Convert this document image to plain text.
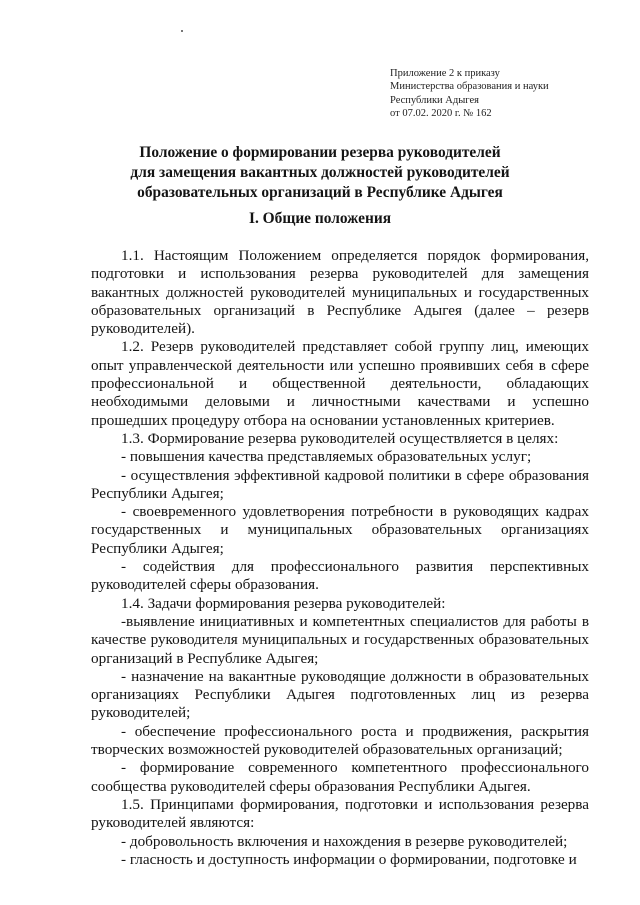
Приложение 2 к приказу
Министерства образования и науки
Республики Адыгея
от 07.02. 2020 г. № 162
Положение о формировании резерва руководителей
для замещения вакантных должностей руководителей
образовательных организаций в Республике Адыгея
I. Общие положения

1.1. Настоящим Положением определяется порядок формирования, подготовки и использования резерва руководителей для замещения вакантных должностей руководителей муниципальных и государственных образовательных организаций в Республике Адыгея (далее – резерв руководителей).

1.2. Резерв руководителей представляет собой группу лиц, имеющих опыт управленческой деятельности или успешно проявивших себя в сфере профессиональной и общественной деятельности, обладающих необходимыми деловыми и личностными качествами и успешно прошедших процедуру отбора на основании установленных критериев.

1.3. Формирование резерва руководителей осуществляется в целях:

- повышения качества представляемых образовательных услуг;

- осуществления эффективной кадровой политики в сфере образования Республики Адыгея;

- своевременного удовлетворения потребности в руководящих кадрах государственных и муниципальных образовательных организациях Республики Адыгея;

- содействия для профессионального развития перспективных руководителей сферы образования.

1.4. Задачи формирования резерва руководителей:

-выявление инициативных и компетентных специалистов для работы в качестве руководителя муниципальных и государственных образовательных организаций в Республике Адыгея;

- назначение на вакантные руководящие должности в образовательных организациях Республики Адыгея подготовленных лиц из резерва руководителей;

- обеспечение профессионального роста и продвижения, раскрытия творческих возможностей руководителей образовательных организаций;

- формирование современного компетентного профессионального сообщества руководителей сферы образования Республики Адыгея.

1.5. Принципами формирования, подготовки и использования резерва руководителей являются:

- добровольность включения и нахождения в резерве руководителей;

- гласность и доступность информации о формировании, подготовке и
